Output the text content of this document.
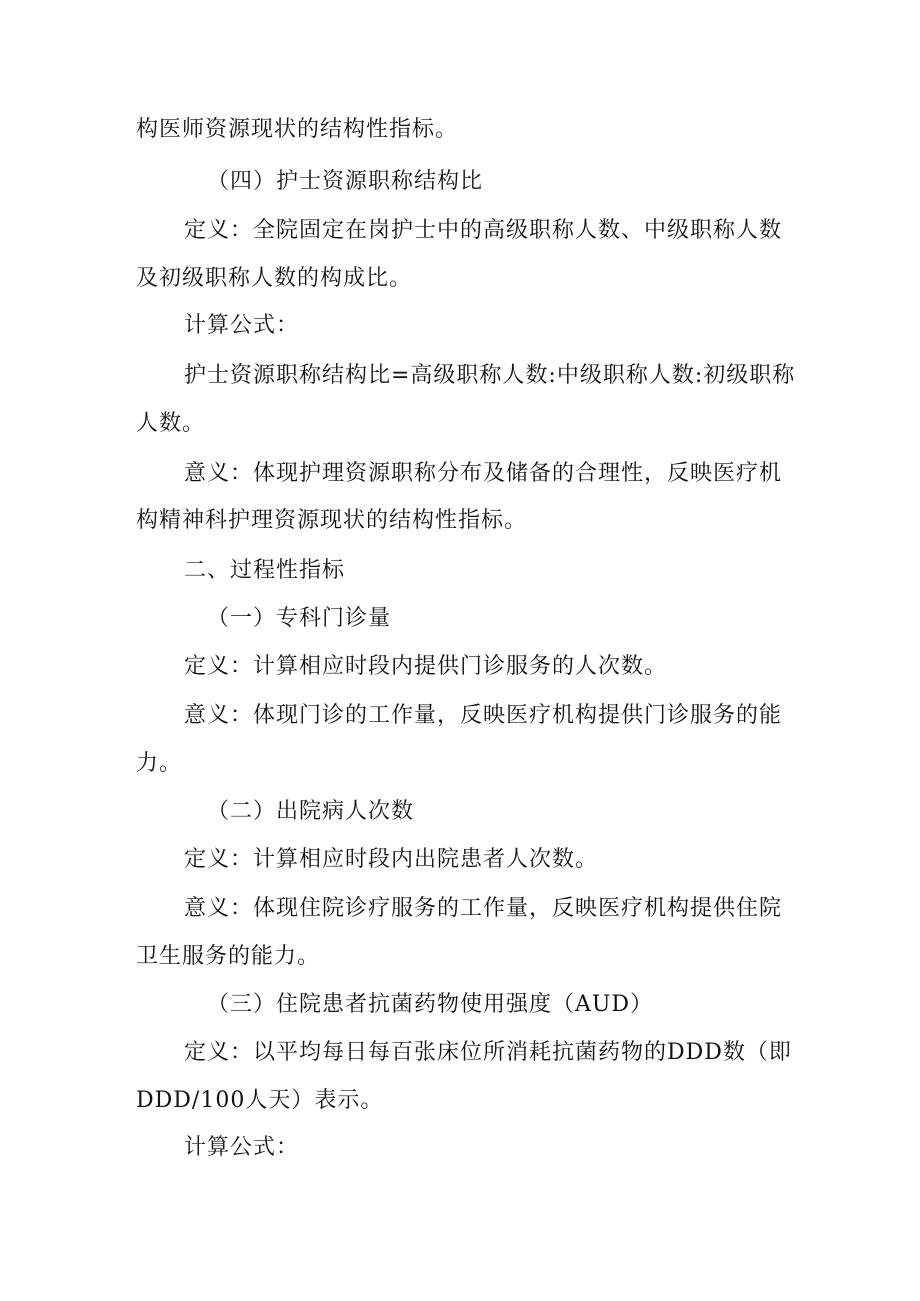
构医师资源现状的结构性指标。
（四）护士资源职称结构比
定义：全院固定在岗护士中的高级职称人数、中级职称人数
及初级职称人数的构成比。
计算公式：
护士资源职称结构比=高级职称人数:中级职称人数:初级职称
人数。
意义：体现护理资源职称分布及储备的合理性，反映医疗机
构精神科护理资源现状的结构性指标。
二、过程性指标
（一）专科门诊量
定义：计算相应时段内提供门诊服务的人次数。
意义：体现门诊的工作量，反映医疗机构提供门诊服务的能
力。
（二）出院病人次数
定义：计算相应时段内出院患者人次数。
意义：体现住院诊疗服务的工作量，反映医疗机构提供住院
卫生服务的能力。
（三）住院患者抗菌药物使用强度（AUD）
定义：以平均每日每百张床位所消耗抗菌药物的DDD数（即
DDD/100人天）表示。
计算公式：
